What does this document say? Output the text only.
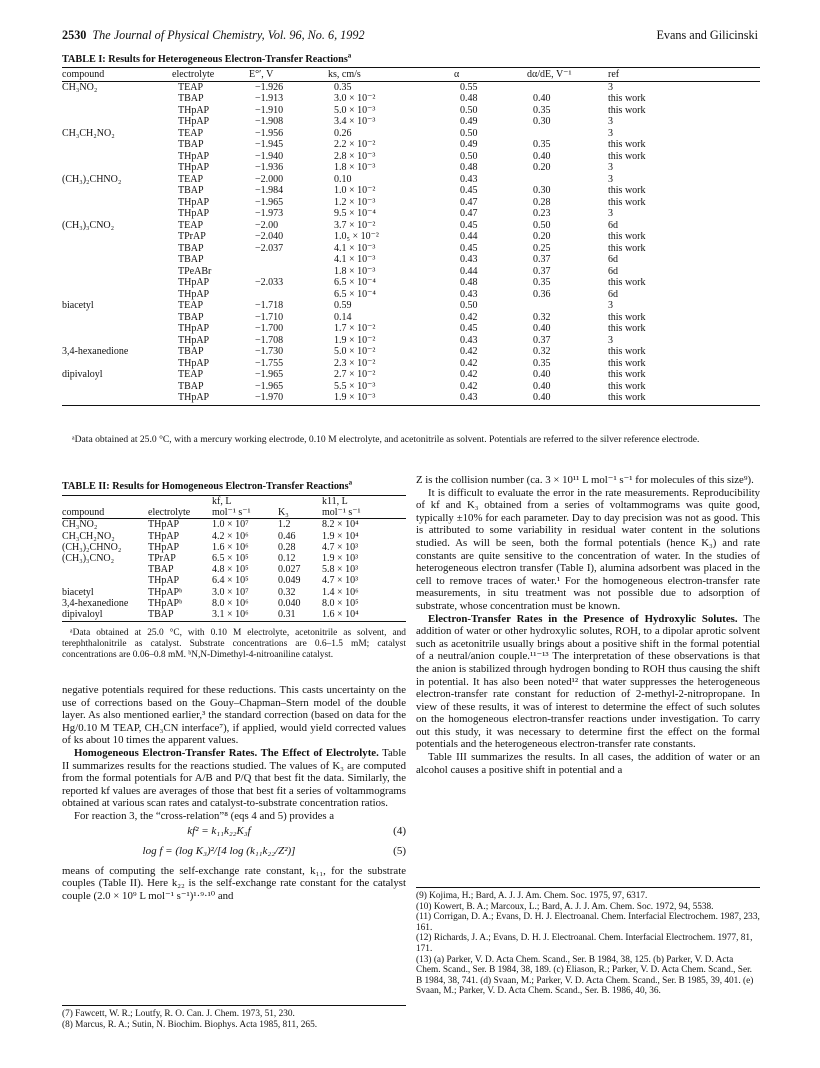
2530 The Journal of Physical Chemistry, Vol. 96, No. 6, 1992	Evans and Gilicinski
TABLE I: Results for Heterogeneous Electron-Transfer Reactions$^a$
compound	electrolyte	E°′, V	ks, cm/s	α	dα/dE, V⁻¹	ref
CH₃NO₂	TEAP	−1.926	0.35	0.55		3
	TBAP	−1.913	3.0 × 10⁻²	0.48	0.40	this work
	THpAP	−1.910	5.0 × 10⁻³	0.50	0.35	this work
	THpAP	−1.908	3.4 × 10⁻³	0.49	0.30	3
CH₃CH₂NO₂	TEAP	−1.956	0.26	0.50		3
	TBAP	−1.945	2.2 × 10⁻²	0.49	0.35	this work
	THpAP	−1.940	2.8 × 10⁻³	0.50	0.40	this work
	THpAP	−1.936	1.8 × 10⁻³	0.48	0.20	3
(CH₃)₂CHNO₂	TEAP	−2.000	0.10	0.43		3
	TBAP	−1.984	1.0 × 10⁻²	0.45	0.30	this work
	THpAP	−1.965	1.2 × 10⁻³	0.47	0.28	this work
	THpAP	−1.973	9.5 × 10⁻⁴	0.47	0.23	3
(CH₃)₃CNO₂	TEAP	−2.00	3.7 × 10⁻²	0.45	0.50	6d
	TPrAP	−2.040	1.0₅ × 10⁻²	0.44	0.20	this work
	TBAP	−2.037	4.1 × 10⁻³	0.45	0.25	this work
	TBAP		4.1 × 10⁻³	0.43	0.37	6d
	TPeABr		1.8 × 10⁻³	0.44	0.37	6d
	THpAP	−2.033	6.5 × 10⁻⁴	0.48	0.35	this work
	THpAP		6.5 × 10⁻⁴	0.43	0.36	6d
biacetyl	TEAP	−1.718	0.59	0.50		3
	TBAP	−1.710	0.14	0.42	0.32	this work
	THpAP	−1.700	1.7 × 10⁻²	0.45	0.40	this work
	THpAP	−1.708	1.9 × 10⁻²	0.43	0.37	3
3,4-hexanedione	TBAP	−1.730	5.0 × 10⁻²	0.42	0.32	this work
	THpAP	−1.755	2.3 × 10⁻²	0.42	0.35	this work
dipivaloyl	TEAP	−1.965	2.7 × 10⁻²	0.42	0.40	this work
	TBAP	−1.965	5.5 × 10⁻³	0.42	0.40	this work
	THpAP	−1.970	1.9 × 10⁻³	0.43	0.40	this work
ᵃData obtained at 25.0 °C, with a mercury working electrode, 0.10 M electrolyte, and acetonitrile as solvent. Potentials are referred to the silver reference electrode.
TABLE II: Results for Homogeneous Electron-Transfer Reactions$^a$
		kf, L		k11, L
compound	electrolyte	mol⁻¹ s⁻¹	K₃	mol⁻¹ s⁻¹
CH₃NO₂	THpAP	1.0 × 10⁷	1.2	8.2 × 10⁴
CH₃CH₂NO₂	THpAP	4.2 × 10⁶	0.46	1.9 × 10⁴
(CH₃)₂CHNO₂	THpAP	1.6 × 10⁶	0.28	4.7 × 10³
(CH₃)₃CNO₂	TPrAP	6.5 × 10⁵	0.12	1.9 × 10³
	TBAP	4.8 × 10⁵	0.027	5.8 × 10³
	THpAP	6.4 × 10⁵	0.049	4.7 × 10³
biacetyl	THpAPᵇ	3.0 × 10⁷	0.32	1.4 × 10⁶
3,4-hexanedione	THpAPᵇ	8.0 × 10⁶	0.040	8.0 × 10⁵
dipivaloyl	TBAP	3.1 × 10⁶	0.31	1.6 × 10⁴
ᵃData obtained at 25.0 °C, with 0.10 M electrolyte, acetonitrile as solvent, and terephthalonitrile as catalyst. Substrate concentrations are 0.6–1.5 mM; catalyst concentrations are 0.06–0.8 mM. ᵇN,N-Dimethyl-4-nitroaniline catalyst.

negative potentials required for these reductions. This casts uncertainty on the use of corrections based on the Gouy–Chapman–Stern model of the double layer. As also mentioned earlier,³ the standard correction (based on data for the Hg/0.10 M TEAP, CH₃CN interface⁷), if applied, would yield corrected values of ks about 10 times the apparent values.

Homogeneous Electron-Transfer Rates. The Effect of Electrolyte. Table II summarizes results for the reactions studied. The values of K₃ are computed from the formal potentials for A/B and P/Q that best fit the data. Similarly, the reported kf values are averages of those that best fit a series of voltammograms obtained at various scan rates and catalyst-to-substrate concentration ratios.

For reaction 3, the “cross-relation”⁸ (eqs 4 and 5) provides a

kf² = k₁₁k₂₂K₃f	(4)
log f = (log K₃)²/[4 log (k₁₁k₂₂/Z²)]	(5)

means of computing the self-exchange rate constant, k₁₁, for the substrate couples (Table II). Here k₂₂ is the self-exchange rate constant for the catalyst couple (2.0 × 10⁹ L mol⁻¹ s⁻¹)¹·⁹·¹⁰ and

Z is the collision number (ca. 3 × 10¹¹ L mol⁻¹ s⁻¹ for molecules of this size⁹).

It is difficult to evaluate the error in the rate measurements. Reproducibility of kf and K₃ obtained from a series of voltammograms was quite good, typically ±10% for each parameter. Day to day precision was not as good. This is attributed to some variability in residual water content in the solutions studied. As will be seen, both the formal potentials (hence K₃) and rate constants are quite sensitive to the concentration of water. In the studies of heterogeneous electron transfer (Table I), alumina adsorbent was placed in the cell to remove traces of water.¹ For the homogeneous electron-transfer rate measurements, in situ treatment was not possible due to adsorption of substrate, whose concentration must be known.

Electron-Transfer Rates in the Presence of Hydroxylic Solutes. The addition of water or other hydroxylic solutes, ROH, to a dipolar aprotic solvent such as acetonitrile usually brings about a positive shift in the formal potential of a neutral/anion couple.¹¹⁻¹³ The interpretation of these observations is that the anion is stabilized through hydrogen bonding to ROH thus causing the shift in potential. It has also been noted¹² that water suppresses the heterogeneous electron-transfer rate constant for reduction of 2-methyl-2-nitropropane. In view of these results, it was of interest to determine the effect of such solutes on the homogeneous electron-transfer reactions under investigation. To carry out this study, it was necessary to determine first the effect on the formal potentials and the heterogeneous electron-transfer rate constants.

Table III summarizes the results. In all cases, the addition of water or an alcohol causes a positive shift in potential and a

(7) Fawcett, W. R.; Loutfy, R. O. Can. J. Chem. 1973, 51, 230.

(8) Marcus, R. A.; Sutin, N. Biochim. Biophys. Acta 1985, 811, 265.

(9) Kojima, H.; Bard, A. J. J. Am. Chem. Soc. 1975, 97, 6317.

(10) Kowert, B. A.; Marcoux, L.; Bard, A. J. J. Am. Chem. Soc. 1972, 94, 5538.

(11) Corrigan, D. A.; Evans, D. H. J. Electroanal. Chem. Interfacial Electrochem. 1987, 233, 161.

(12) Richards, J. A.; Evans, D. H. J. Electroanal. Chem. Interfacial Electrochem. 1977, 81, 171.

(13) (a) Parker, V. D. Acta Chem. Scand., Ser. B 1984, 38, 125. (b) Parker, V. D. Acta Chem. Scand., Ser. B 1984, 38, 189. (c) Eliason, R.; Parker, V. D. Acta Chem. Scand., Ser. B 1984, 38, 741. (d) Svaan, M.; Parker, V. D. Acta Chem. Scand., Ser. B 1985, 39, 401. (e) Svaan, M.; Parker, V. D. Acta Chem. Scand., Ser. B. 1986, 40, 36.
